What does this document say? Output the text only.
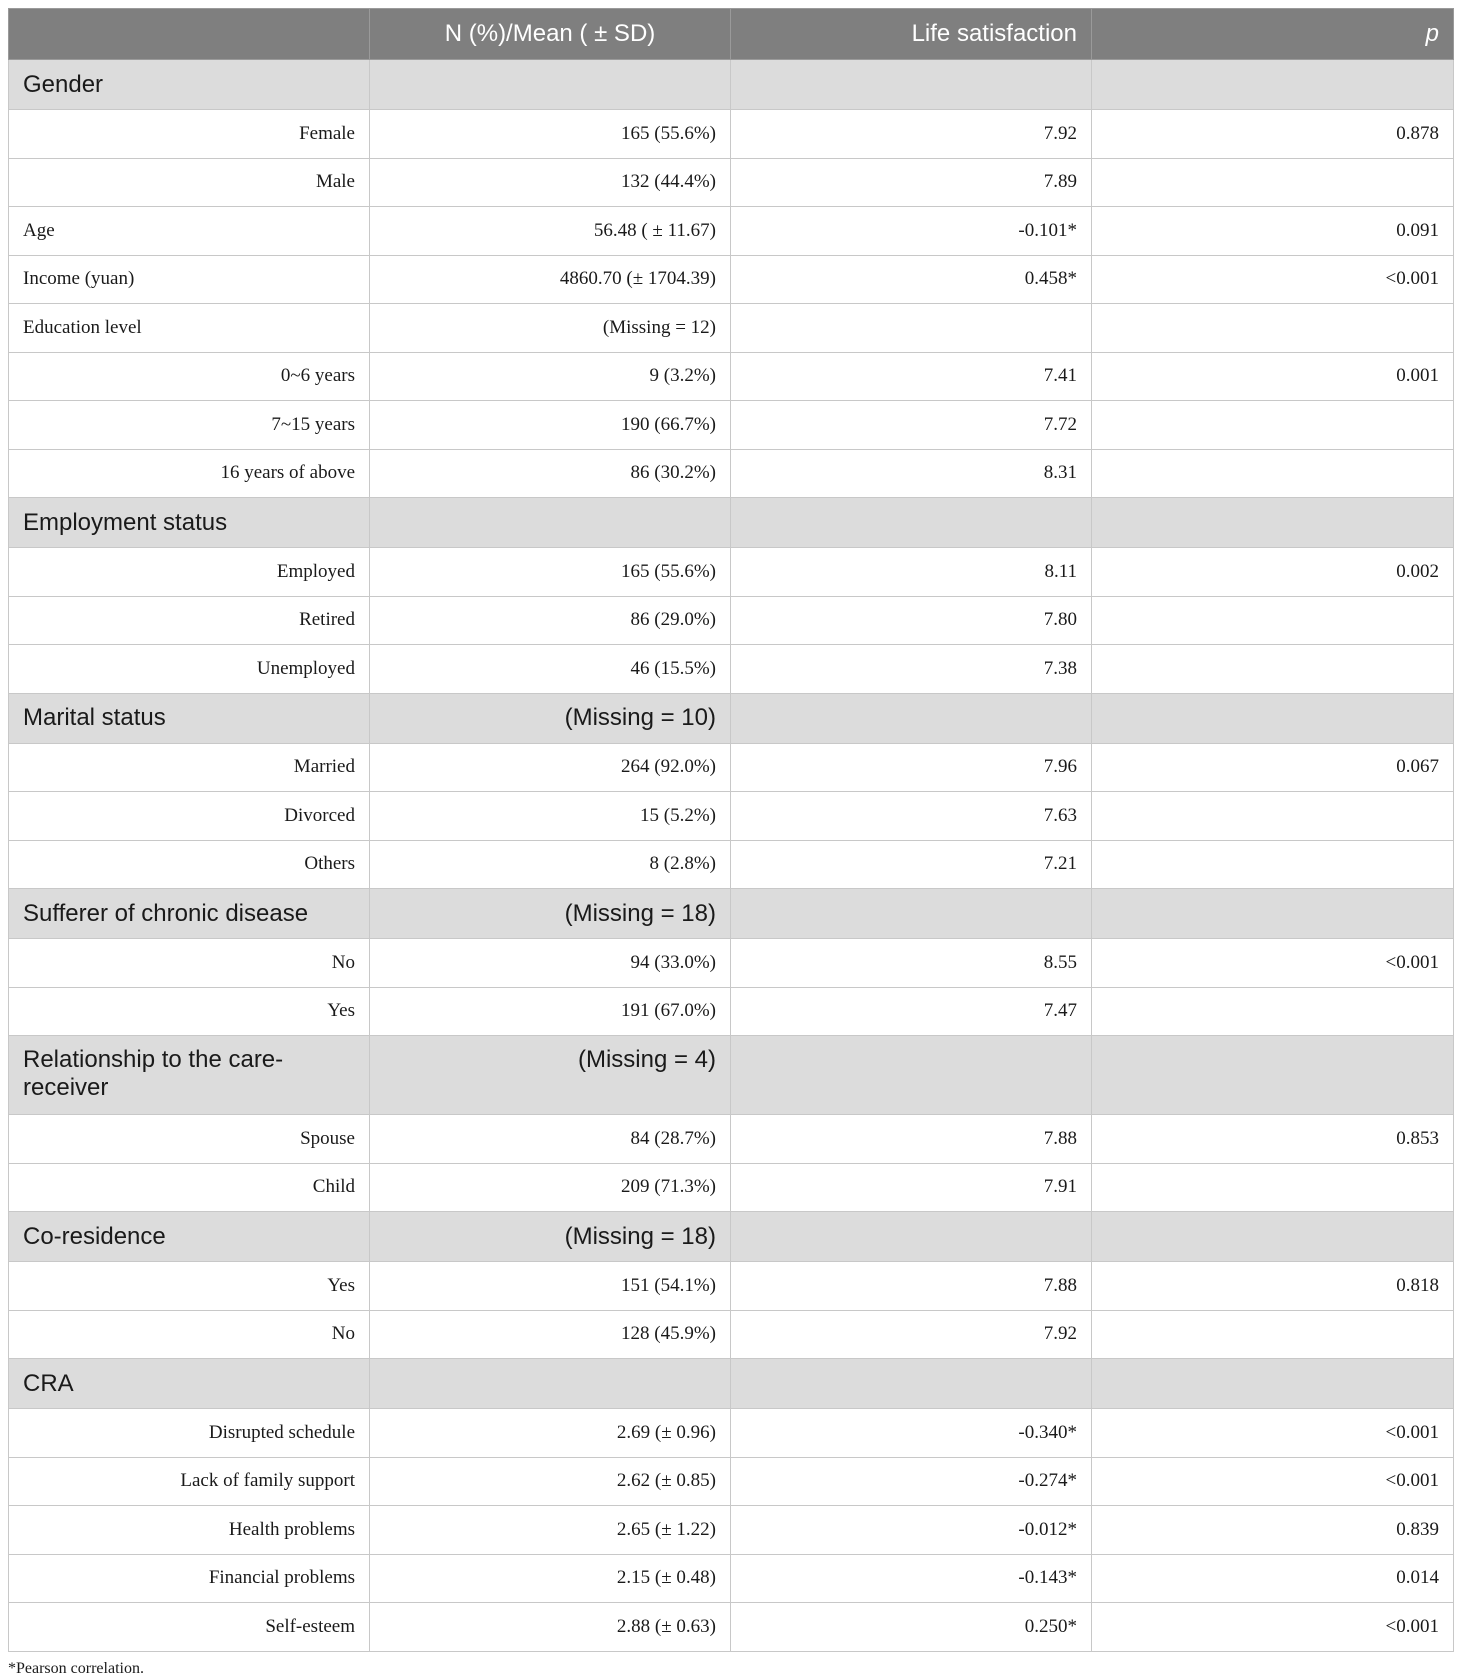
	N (%)/Mean ( ± SD)	Life satisfaction	p
Gender			
Female	165 (55.6%)	7.92	0.878
Male	132 (44.4%)	7.89	
Age	56.48 ( ± 11.67)	-0.101*	0.091
Income (yuan)	4860.70 (± 1704.39)	0.458*	<0.001
Education level	(Missing = 12)		
0~6 years	9 (3.2%)	7.41	0.001
7~15 years	190 (66.7%)	7.72	
16 years of above	86 (30.2%)	8.31	
Employment status			
Employed	165 (55.6%)	8.11	0.002
Retired	86 (29.0%)	7.80	
Unemployed	46 (15.5%)	7.38	
Marital status	(Missing = 10)		
Married	264 (92.0%)	7.96	0.067
Divorced	15 (5.2%)	7.63	
Others	8 (2.8%)	7.21	
Sufferer of chronic disease	(Missing = 18)		
No	94 (33.0%)	8.55	<0.001
Yes	191 (67.0%)	7.47	
Relationship to the care-receiver	(Missing = 4)		
Spouse	84 (28.7%)	7.88	0.853
Child	209 (71.3%)	7.91	
Co-residence	(Missing = 18)		
Yes	151 (54.1%)	7.88	0.818
No	128 (45.9%)	7.92	
CRA			
Disrupted schedule	2.69 (± 0.96)	-0.340*	<0.001
Lack of family support	2.62 (± 0.85)	-0.274*	<0.001
Health problems	2.65 (± 1.22)	-0.012*	0.839
Financial problems	2.15 (± 0.48)	-0.143*	0.014
Self-esteem	2.88 (± 0.63)	0.250*	<0.001
*Pearson correlation.
